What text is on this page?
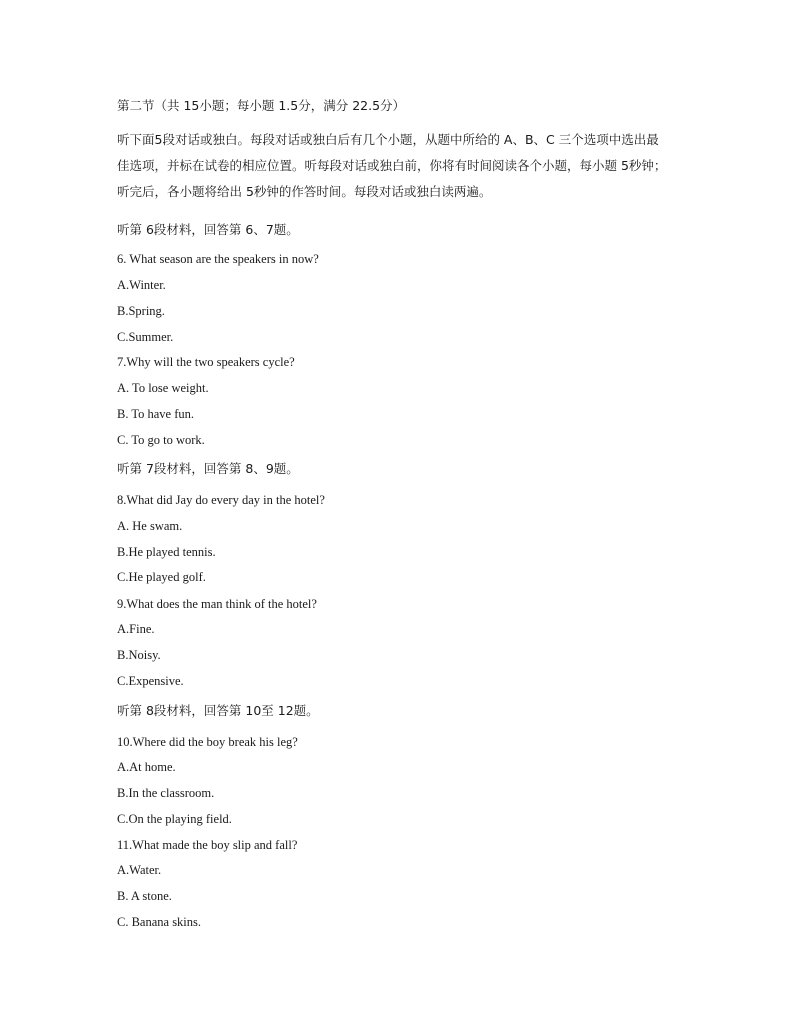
第二节（共 15小题；每小题 1.5分，满分 22.5分）
听下面5段对话或独白。每段对话或独白后有几个小题，从题中所给的 A、B、C 三个选项中选出最
佳选项，并标在试卷的相应位置。听每段对话或独白前，你将有时间阅读各个小题，每小题 5秒钟；
听完后，各小题将给出 5秒钟的作答时间。每段对话或独白读两遍。
听第 6段材料，回答第 6、7题。
6. What season are the speakers in now?
A.Winter.
B.Spring.
C.Summer.
7.Why will the two speakers cycle?
A. To lose weight.
B. To have fun.
C. To go to work.
听第 7段材料，回答第 8、9题。
8.What did Jay do every day in the hotel?
A. He swam.
B.He played tennis.
C.He played golf.
9.What does the man think of the hotel?
A.Fine.
B.Noisy.
C.Expensive.
听第 8段材料，回答第 10至 12题。
10.Where did the boy break his leg?
A.At home.
B.In the classroom.
C.On the playing field.
11.What made the boy slip and fall?
A.Water.
B. A stone.
C. Banana skins.
